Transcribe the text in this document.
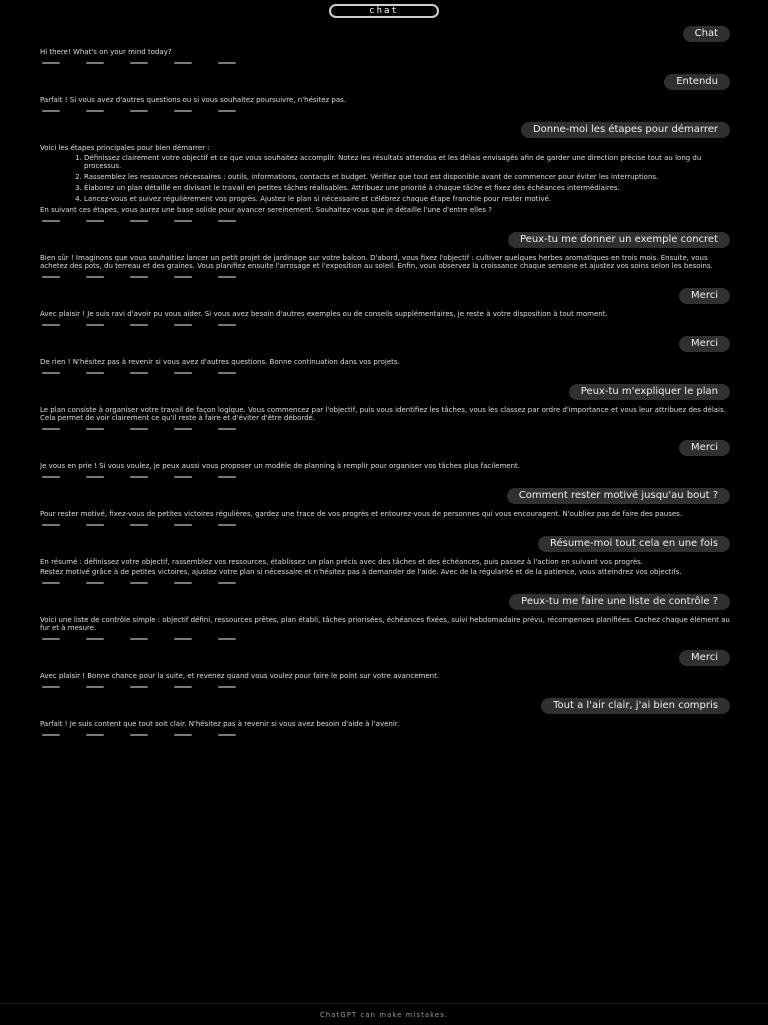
chat
Chat

Hi there! What's on your mind today?

Entendu

Parfait ! Si vous avez d'autres questions ou si vous souhaitez poursuivre, n'hésitez pas.

Donne-moi les étapes pour démarrer

Voici les étapes principales pour bien démarrer :

1. Définissez clairement votre objectif et ce que vous souhaitez accomplir. Notez les résultats attendus et les délais envisagés afin de garder une direction précise tout au long du processus.
2. Rassemblez les ressources nécessaires : outils, informations, contacts et budget. Vérifiez que tout est disponible avant de commencer pour éviter les interruptions.
3. Élaborez un plan détaillé en divisant le travail en petites tâches réalisables. Attribuez une priorité à chaque tâche et fixez des échéances intermédiaires.
4. Lancez-vous et suivez régulièrement vos progrès. Ajustez le plan si nécessaire et célébrez chaque étape franchie pour rester motivé.

En suivant ces étapes, vous aurez une base solide pour avancer sereinement. Souhaitez-vous que je détaille l'une d'entre elles ?

Peux-tu me donner un exemple concret

Bien sûr ! Imaginons que vous souhaitiez lancer un petit projet de jardinage sur votre balcon. D'abord, vous fixez l'objectif : cultiver quelques herbes aromatiques en trois mois. Ensuite, vous achetez des pots, du terreau et des graines. Vous planifiez ensuite l'arrosage et l'exposition au soleil. Enfin, vous observez la croissance chaque semaine et ajustez vos soins selon les besoins.

Merci

Avec plaisir ! Je suis ravi d'avoir pu vous aider. Si vous avez besoin d'autres exemples ou de conseils supplémentaires, je reste à votre disposition à tout moment.

Merci

De rien ! N'hésitez pas à revenir si vous avez d'autres questions. Bonne continuation dans vos projets.

Peux-tu m'expliquer le plan

Le plan consiste à organiser votre travail de façon logique. Vous commencez par l'objectif, puis vous identifiez les tâches, vous les classez par ordre d'importance et vous leur attribuez des délais. Cela permet de voir clairement ce qu'il reste à faire et d'éviter d'être débordé.

Merci

Je vous en prie ! Si vous voulez, je peux aussi vous proposer un modèle de planning à remplir pour organiser vos tâches plus facilement.

Comment rester motivé jusqu'au bout ?

Pour rester motivé, fixez-vous de petites victoires régulières, gardez une trace de vos progrès et entourez-vous de personnes qui vous encouragent. N'oubliez pas de faire des pauses.

Résume-moi tout cela en une fois

En résumé : définissez votre objectif, rassemblez vos ressources, établissez un plan précis avec des tâches et des échéances, puis passez à l'action en suivant vos progrès.

Restez motivé grâce à de petites victoires, ajustez votre plan si nécessaire et n'hésitez pas à demander de l'aide. Avec de la régularité et de la patience, vous atteindrez vos objectifs.

Peux-tu me faire une liste de contrôle ?

Voici une liste de contrôle simple : objectif défini, ressources prêtes, plan établi, tâches priorisées, échéances fixées, suivi hebdomadaire prévu, récompenses planifiées. Cochez chaque élément au fur et à mesure.

Merci

Avec plaisir ! Bonne chance pour la suite, et revenez quand vous voulez pour faire le point sur votre avancement.

Tout a l'air clair, j'ai bien compris

Parfait ! Je suis content que tout soit clair. N'hésitez pas à revenir si vous avez besoin d'aide à l'avenir.

ChatGPT can make mistakes.
